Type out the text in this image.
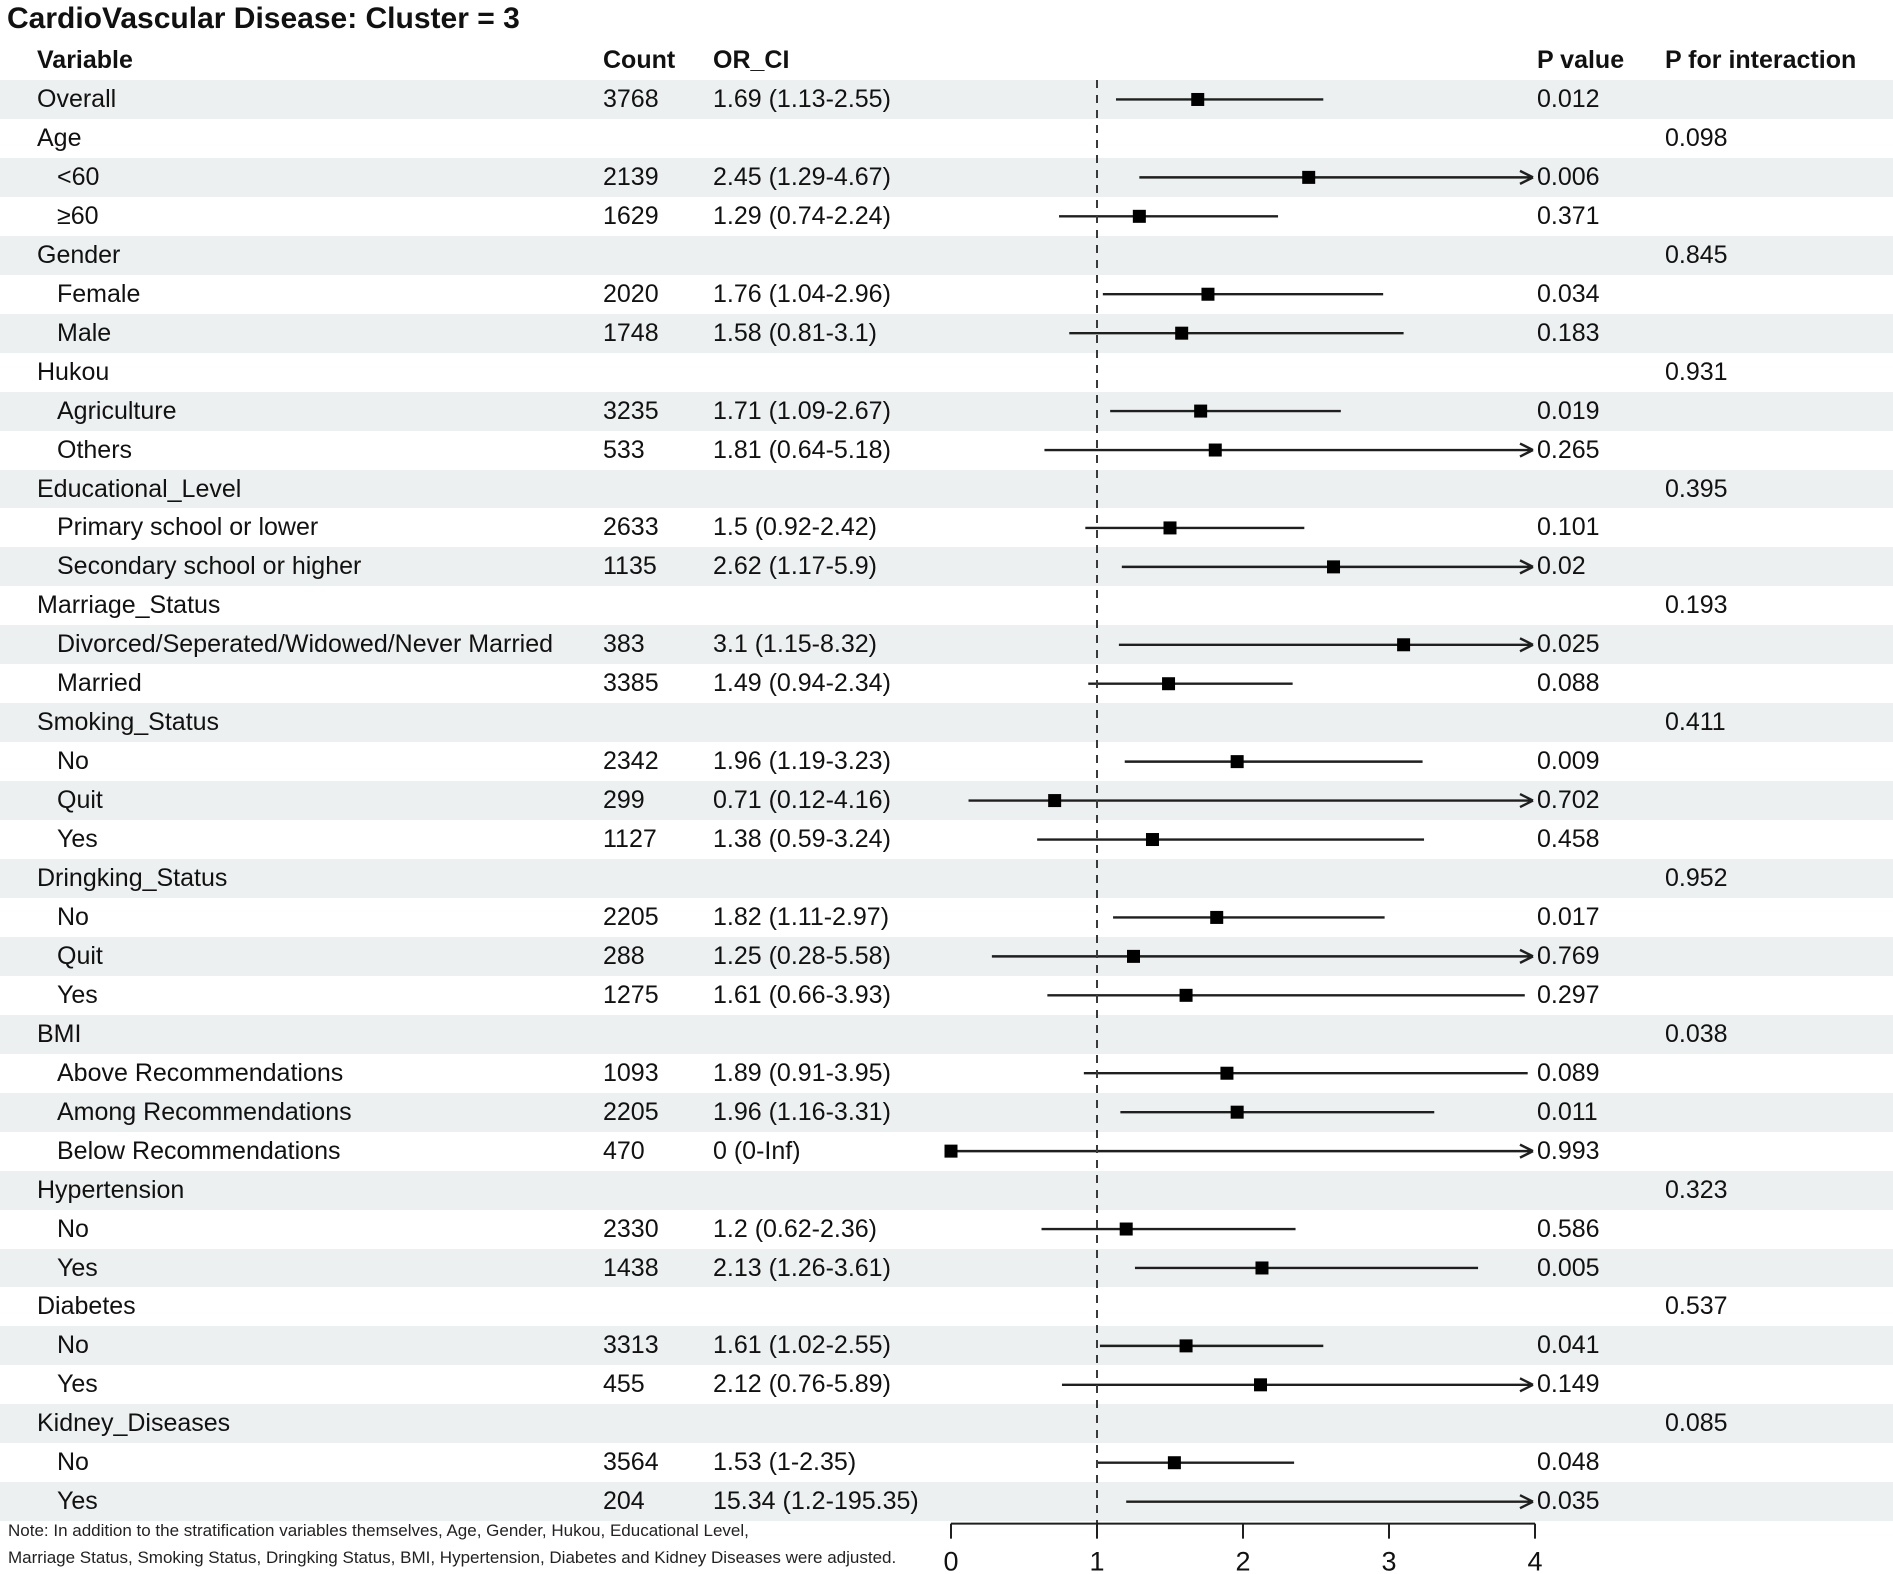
CardioVascular Disease: Cluster = 3
Variable	Count OR_CI	P value P for interaction
Overall	3768 1.69 (1.13-2.55)	0.012
Age	0.098
<60	2139 2.45 (1.29-4.67)	0.006
≥60	1629 1.29 (0.74-2.24)	0.371
Gender	0.845
Female	2020 1.76 (1.04-2.96)	0.034
Male	1748 1.58 (0.81-3.1)	0.183
Hukou	0.931
Agriculture	3235 1.71 (1.09-2.67)	0.019
Others	533	1.81 (0.64-5.18)	0.265
Educational_Level	0.395
Primary school or lower	2633 1.5 (0.92-2.42)	0.101
Secondary school or higher	1135 2.62 (1.17-5.9)	0.02
Marriage_Status	0.193
Divorced/Seperated/Widowed/Never Married 383	3.1 (1.15-8.32)	0.025
Married	3385 1.49 (0.94-2.34)	0.088
Smoking_Status	0.411
No	2342 1.96 (1.19-3.23)	0.009
Quit	299	0.71 (0.12-4.16)	0.702
Yes	1127 1.38 (0.59-3.24)	0.458
Dringking_Status	0.952
No	2205 1.82 (1.11-2.97)	0.017
Quit	288	1.25 (0.28-5.58)	0.769
Yes	1275 1.61 (0.66-3.93)	0.297
BMI	0.038
Above Recommendations	1093 1.89 (0.91-3.95)	0.089
Among Recommendations	2205 1.96 (1.16-3.31)	0.011
Below Recommendations	470	0 (0-Inf)	0.993
Hypertension	0.323
No	2330 1.2 (0.62-2.36)	0.586
Yes	1438 2.13 (1.26-3.61)	0.005
Diabetes	0.537
No	3313 1.61 (1.02-2.55)	0.041
Yes	455	2.12 (0.76-5.89)	0.149
Kidney_Diseases	0.085
No	3564 1.53 (1-2.35)	0.048
Yes	204	15.34 (1.2-195.35)	0.035
0	1	2	3	4
Note: In addition to the stratification variables themselves, Age, Gender, Hukou, Educational Level,
Marriage Status, Smoking Status, Dringking Status, BMI, Hypertension, Diabetes and Kidney Diseases were adjusted.
